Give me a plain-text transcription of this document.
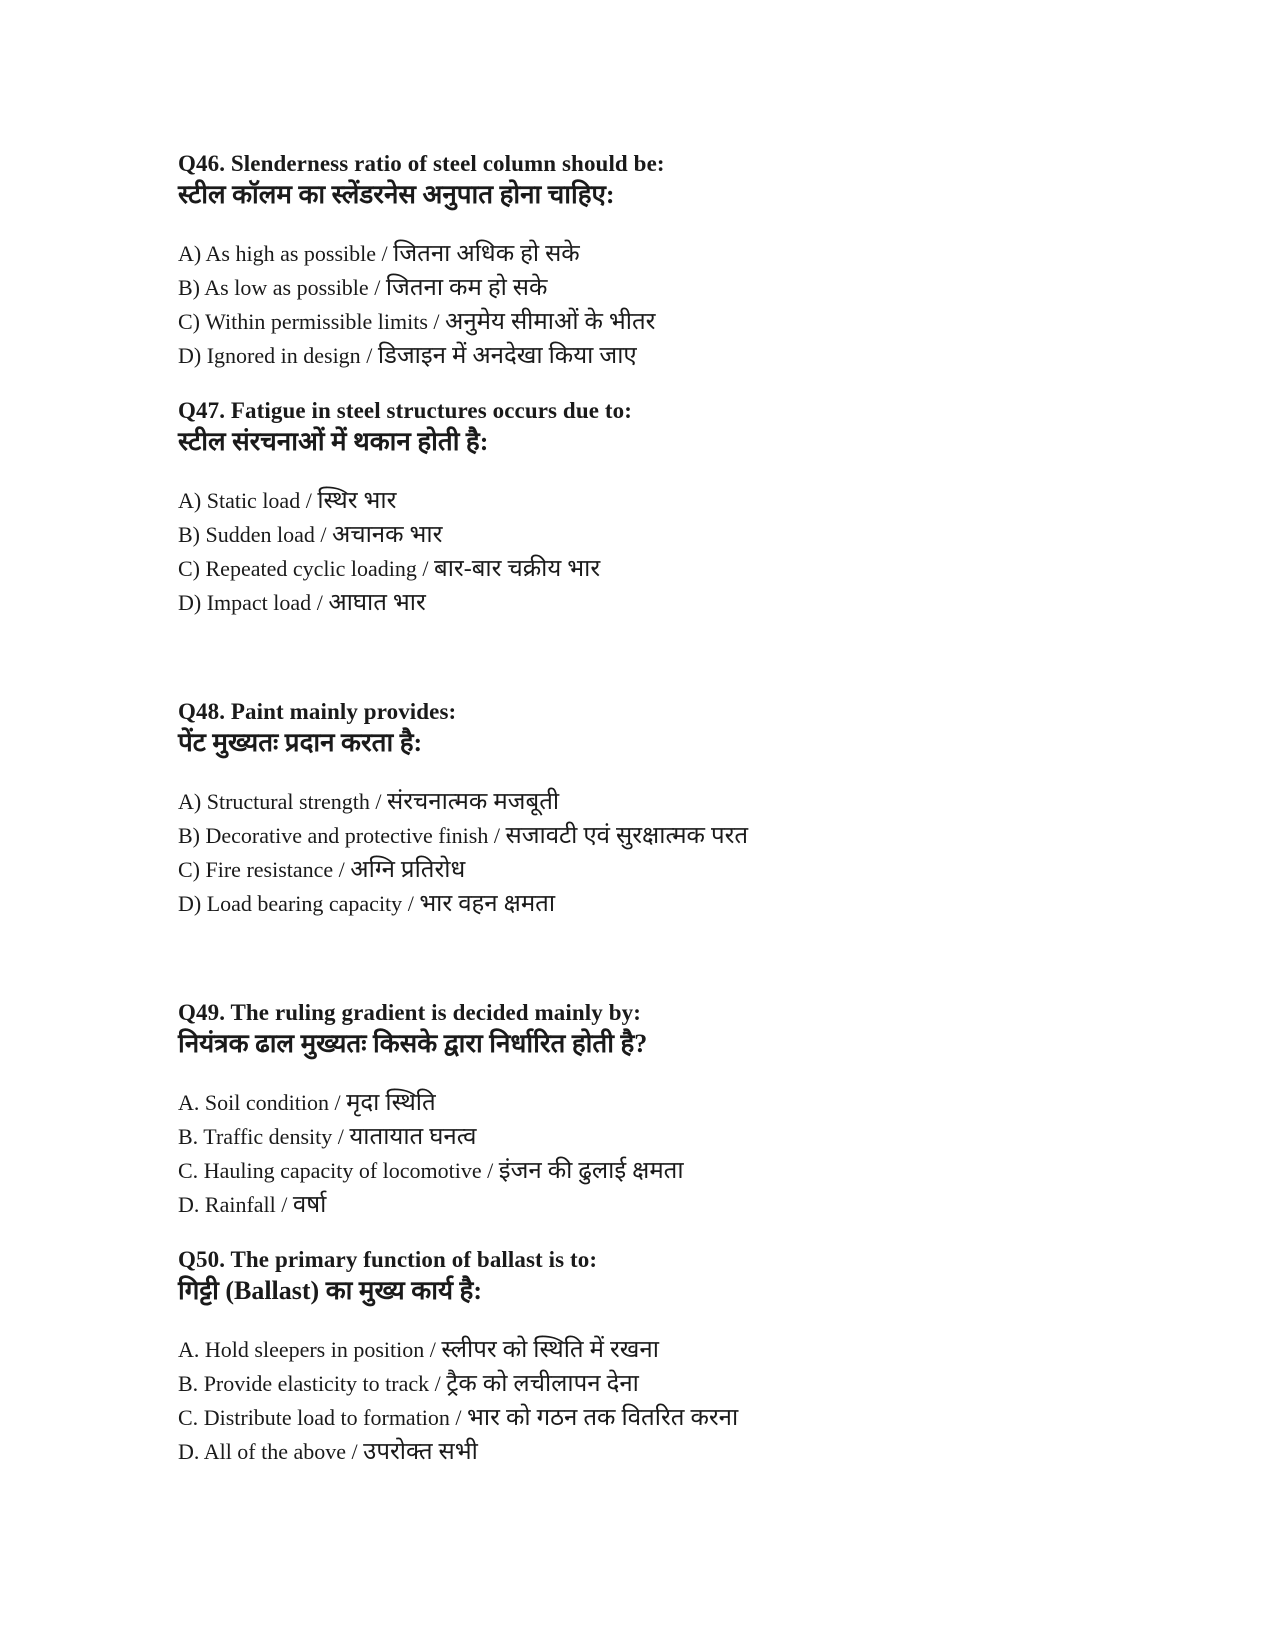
Q46. Slenderness ratio of steel column should be:
स्टील कॉलम का स्लेंडरनेस अनुपात होना चाहिए:
A) As high as possible / जितना अधिक हो सके
B) As low as possible / जितना कम हो सके
C) Within permissible limits / अनुमेय सीमाओं के भीतर
D) Ignored in design / डिजाइन में अनदेखा किया जाए
Q47. Fatigue in steel structures occurs due to:
स्टील संरचनाओं में थकान होती है:
A) Static load / स्थिर भार
B) Sudden load / अचानक भार
C) Repeated cyclic loading / बार-बार चक्रीय भार
D) Impact load / आघात भार
Q48. Paint mainly provides:
पेंट मुख्यतः प्रदान करता है:
A) Structural strength / संरचनात्मक मजबूती
B) Decorative and protective finish / सजावटी एवं सुरक्षात्मक परत
C) Fire resistance / अग्नि प्रतिरोध
D) Load bearing capacity / भार वहन क्षमता
Q49. The ruling gradient is decided mainly by:
नियंत्रक ढाल मुख्यतः किसके द्वारा निर्धारित होती है?
A. Soil condition / मृदा स्थिति
B. Traffic density / यातायात घनत्व
C. Hauling capacity of locomotive / इंजन की ढुलाई क्षमता
D. Rainfall / वर्षा
Q50. The primary function of ballast is to:
गिट्टी (Ballast) का मुख्य कार्य है:
A. Hold sleepers in position / स्लीपर को स्थिति में रखना
B. Provide elasticity to track / ट्रैक को लचीलापन देना
C. Distribute load to formation / भार को गठन तक वितरित करना
D. All of the above / उपरोक्त सभी
